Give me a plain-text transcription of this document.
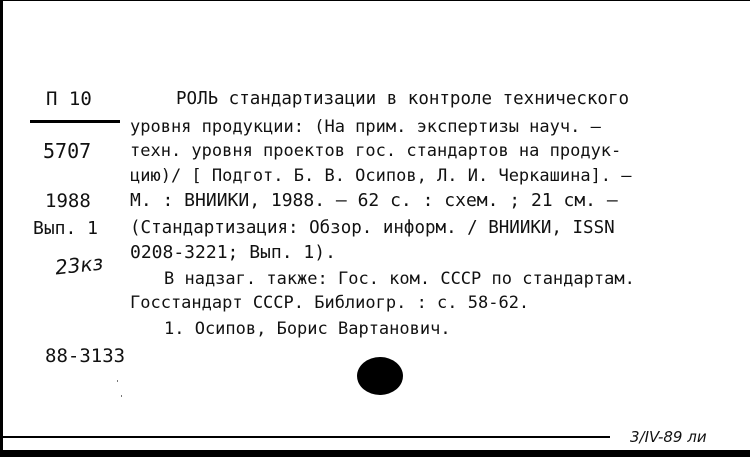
П 10
5707
1988
Вып. 1
23кз
88-3133
РОЛЬ стандартизации в контроле технического
уровня продукции: (На прим. экспертизы науч. –
техн. уровня проектов гос. стандартов на продук-
цию)/ [ Подгот. Б. В. Осипов, Л. И. Черкашина]. –
М. : ВНИИКИ, 1988. – 62 с. : схем. ; 21 см. –
(Стандартизация: Обзор. информ. / ВНИИКИ, ISSN
0208-3221; Вып. 1).
В надзаг. также: Гос. ком. СССР по стандартам.
Госстандарт СССР. Библиогр. : с. 58-62.
1. Осипов, Борис Вартанович.
3/IV-89 ли
